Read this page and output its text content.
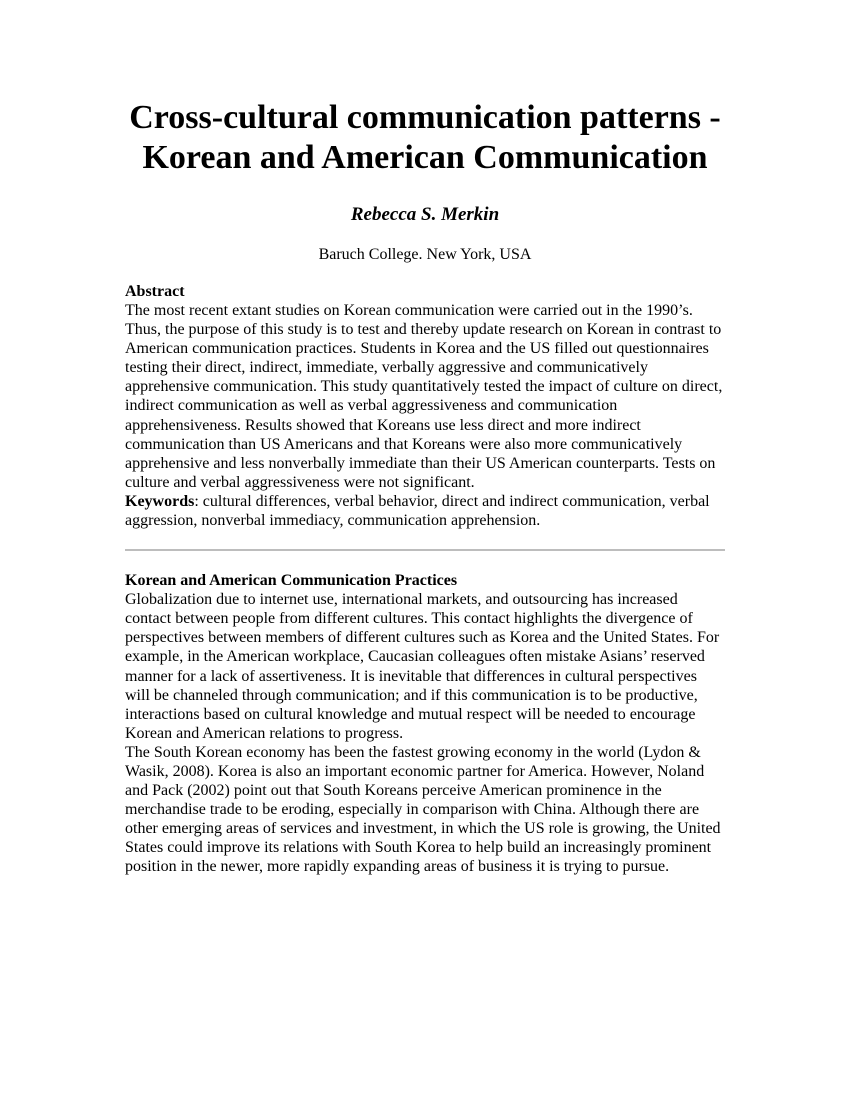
Cross-cultural communication patterns -
Korean and American Communication
Rebecca S. Merkin
Baruch College. New York, USA
Abstract

The most recent extant studies on Korean communication were carried out in the 1990’s. Thus, the purpose of this study is to test and thereby update research on Korean in contrast to American communication practices. Students in Korea and the US filled out questionnaires testing their direct, indirect, immediate, verbally aggressive and communicatively apprehensive communication. This study quantitatively tested the impact of culture on direct, indirect communication as well as verbal aggressiveness and communication apprehensiveness. Results showed that Koreans use less direct and more indirect communication than US Americans and that Koreans were also more communicatively apprehensive and less nonverbally immediate than their US American counterparts. Tests on culture and verbal aggressiveness were not significant.

Keywords: cultural differences, verbal behavior, direct and indirect communication, verbal aggression, nonverbal immediacy, communication apprehension.

Korean and American Communication Practices

Globalization due to internet use, international markets, and outsourcing has increased contact between people from different cultures. This contact highlights the divergence of perspectives between members of different cultures such as Korea and the United States. For example, in the American workplace, Caucasian colleagues often mistake Asians’ reserved manner for a lack of assertiveness. It is inevitable that differences in cultural perspectives will be channeled through communication; and if this communication is to be productive, interactions based on cultural knowledge and mutual respect will be needed to encourage Korean and American relations to progress.

The South Korean economy has been the fastest growing economy in the world (Lydon & Wasik, 2008). Korea is also an important economic partner for America. However, Noland and Pack (2002) point out that South Koreans perceive American prominence in the merchandise trade to be eroding, especially in comparison with China. Although there are other emerging areas of services and investment, in which the US role is growing, the United States could improve its relations with South Korea to help build an increasingly prominent position in the newer, more rapidly expanding areas of business it is trying to pursue.
